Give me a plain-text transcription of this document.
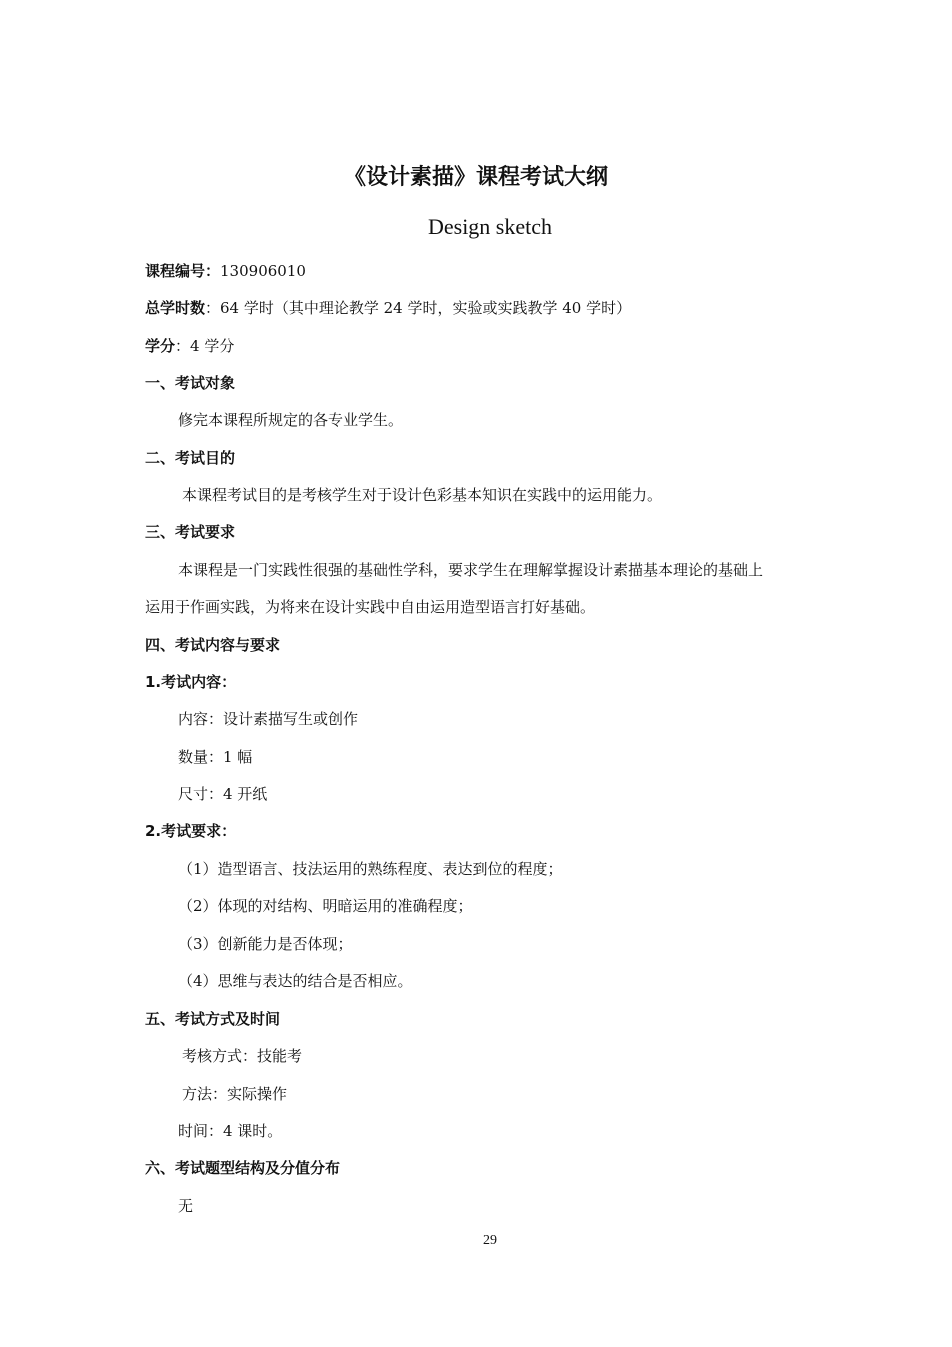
《设计素描》课程考试大纲
Design sketch
课程编号：130906010
总学时数：64 学时（其中理论教学 24 学时，实验或实践教学 40 学时）
学分：4 学分
一、考试对象
修完本课程所规定的各专业学生。
二、考试目的
本课程考试目的是考核学生对于设计色彩基本知识在实践中的运用能力。
三、考试要求
本课程是一门实践性很强的基础性学科，要求学生在理解掌握设计素描基本理论的基础上
运用于作画实践，为将来在设计实践中自由运用造型语言打好基础。
四、考试内容与要求
1.考试内容：
内容：设计素描写生或创作
数量：1 幅
尺寸：4 开纸
2.考试要求：
（1）造型语言、技法运用的熟练程度、表达到位的程度；
（2）体现的对结构、明暗运用的准确程度；
（3）创新能力是否体现；
（4）思维与表达的结合是否相应。
五、考试方式及时间
考核方式：技能考
方法：实际操作
时间：4 课时。
六、考试题型结构及分值分布
无
29
